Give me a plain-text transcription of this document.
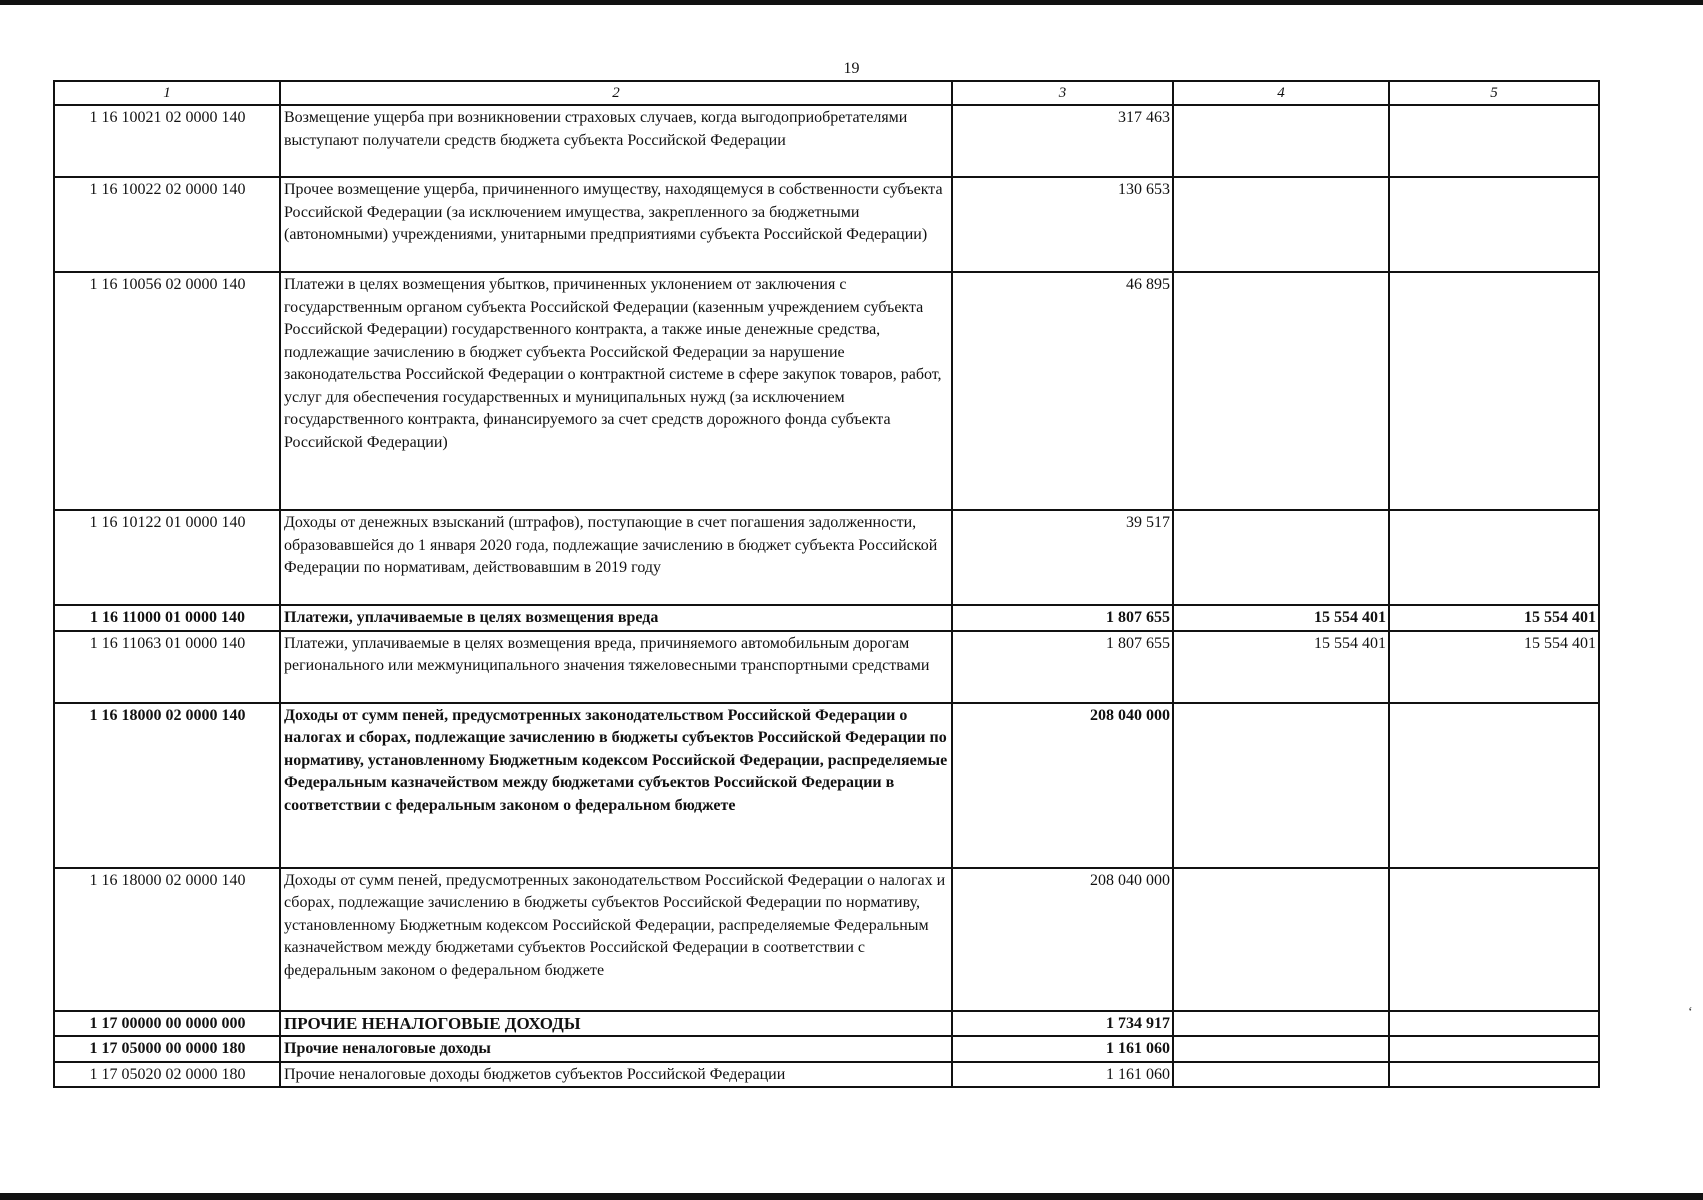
19
1	2	3	4	5
1 16 10021 02 0000 140	Возмещение ущерба при возникновении страховых случаев, когда выгодоприобретателями выступают получатели средств бюджета субъекта Российской Федерации	317 463		
1 16 10022 02 0000 140	Прочее возмещение ущерба, причиненного имуществу, находящемуся в собственности субъекта Российской Федерации (за исключением имущества, закрепленного за бюджетными (автономными) учреждениями, унитарными предприятиями субъекта Российской Федерации)	130 653		
1 16 10056 02 0000 140	Платежи в целях возмещения убытков, причиненных уклонением от заключения с государственным органом субъекта Российской Федерации (казенным учреждением субъекта Российской Федерации) государственного контракта, а также иные денежные средства, подлежащие зачислению в бюджет субъекта Российской Федерации за нарушение законодательства Российской Федерации о контрактной системе в сфере закупок товаров, работ, услуг для обеспечения государственных и муниципальных нужд (за исключением государственного контракта, финансируемого за счет средств дорожного фонда субъекта Российской Федерации)	46 895		
1 16 10122 01 0000 140	Доходы от денежных взысканий (штрафов), поступающие в счет погашения задолженности, образовавшейся до 1 января 2020 года, подлежащие зачислению в бюджет субъекта Российской Федерации по нормативам, действовавшим в 2019 году	39 517		
1 16 11000 01 0000 140	Платежи, уплачиваемые в целях возмещения вреда	1 807 655	15 554 401	15 554 401
1 16 11063 01 0000 140	Платежи, уплачиваемые в целях возмещения вреда, причиняемого автомобильным дорогам регионального или межмуниципального значения тяжеловесными транспортными средствами	1 807 655	15 554 401	15 554 401
1 16 18000 02 0000 140	Доходы от сумм пеней, предусмотренных законодательством Российской Федерации о налогах и сборах, подлежащие зачислению в бюджеты субъектов Российской Федерации по нормативу, установленному Бюджетным кодексом Российской Федерации, распределяемые Федеральным казначейством между бюджетами субъектов Российской Федерации в соответствии с федеральным законом о федеральном бюджете	208 040 000		
1 16 18000 02 0000 140	Доходы от сумм пеней, предусмотренных законодательством Российской Федерации о налогах и сборах, подлежащие зачислению в бюджеты субъектов Российской Федерации по нормативу, установленному Бюджетным кодексом Российской Федерации, распределяемые Федеральным казначейством между бюджетами субъектов Российской Федерации в соответствии с федеральным законом о федеральном бюджете	208 040 000		
1 17 00000 00 0000 000	ПРОЧИЕ НЕНАЛОГОВЫЕ ДОХОДЫ	1 734 917		
1 17 05000 00 0000 180	Прочие неналоговые доходы	1 161 060		
1 17 05020 02 0000 180	Прочие неналоговые доходы бюджетов субъектов Российской Федерации	1 161 060		
‘
